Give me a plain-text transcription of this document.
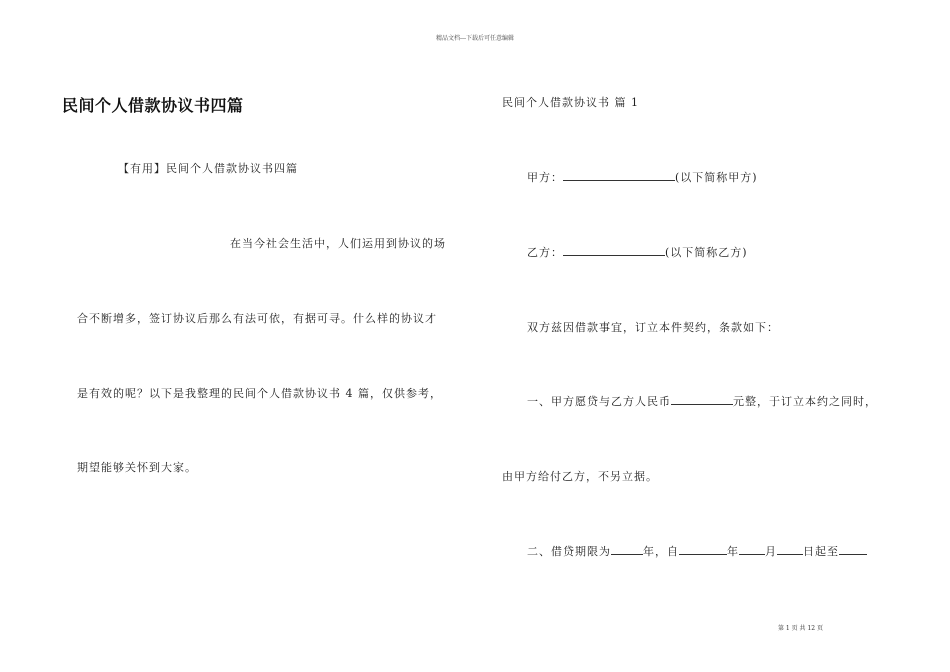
精品文档---下载后可任意编辑
民间个人借款协议书四篇
【有用】民间个人借款协议书四篇
在当今社会生活中，人们运用到协议的场
合不断增多，签订协议后那么有法可依，有据可寻。什么样的协议才
是有效的呢？以下是我整理的民间个人借款协议书 4 篇，仅供参考，
期望能够关怀到大家。
民间个人借款协议书 篇 1
甲方：	(以下简称甲方)
乙方：	(以下简称乙方)
双方兹因借款事宜，订立本件契约，条款如下：
一、甲方愿贷与乙方人民币	元整，于订立本约之同时，
由甲方给付乙方，不另立据。
二、借贷期限为	年，自	年 月 日起至
第 1 页 共 12 页
